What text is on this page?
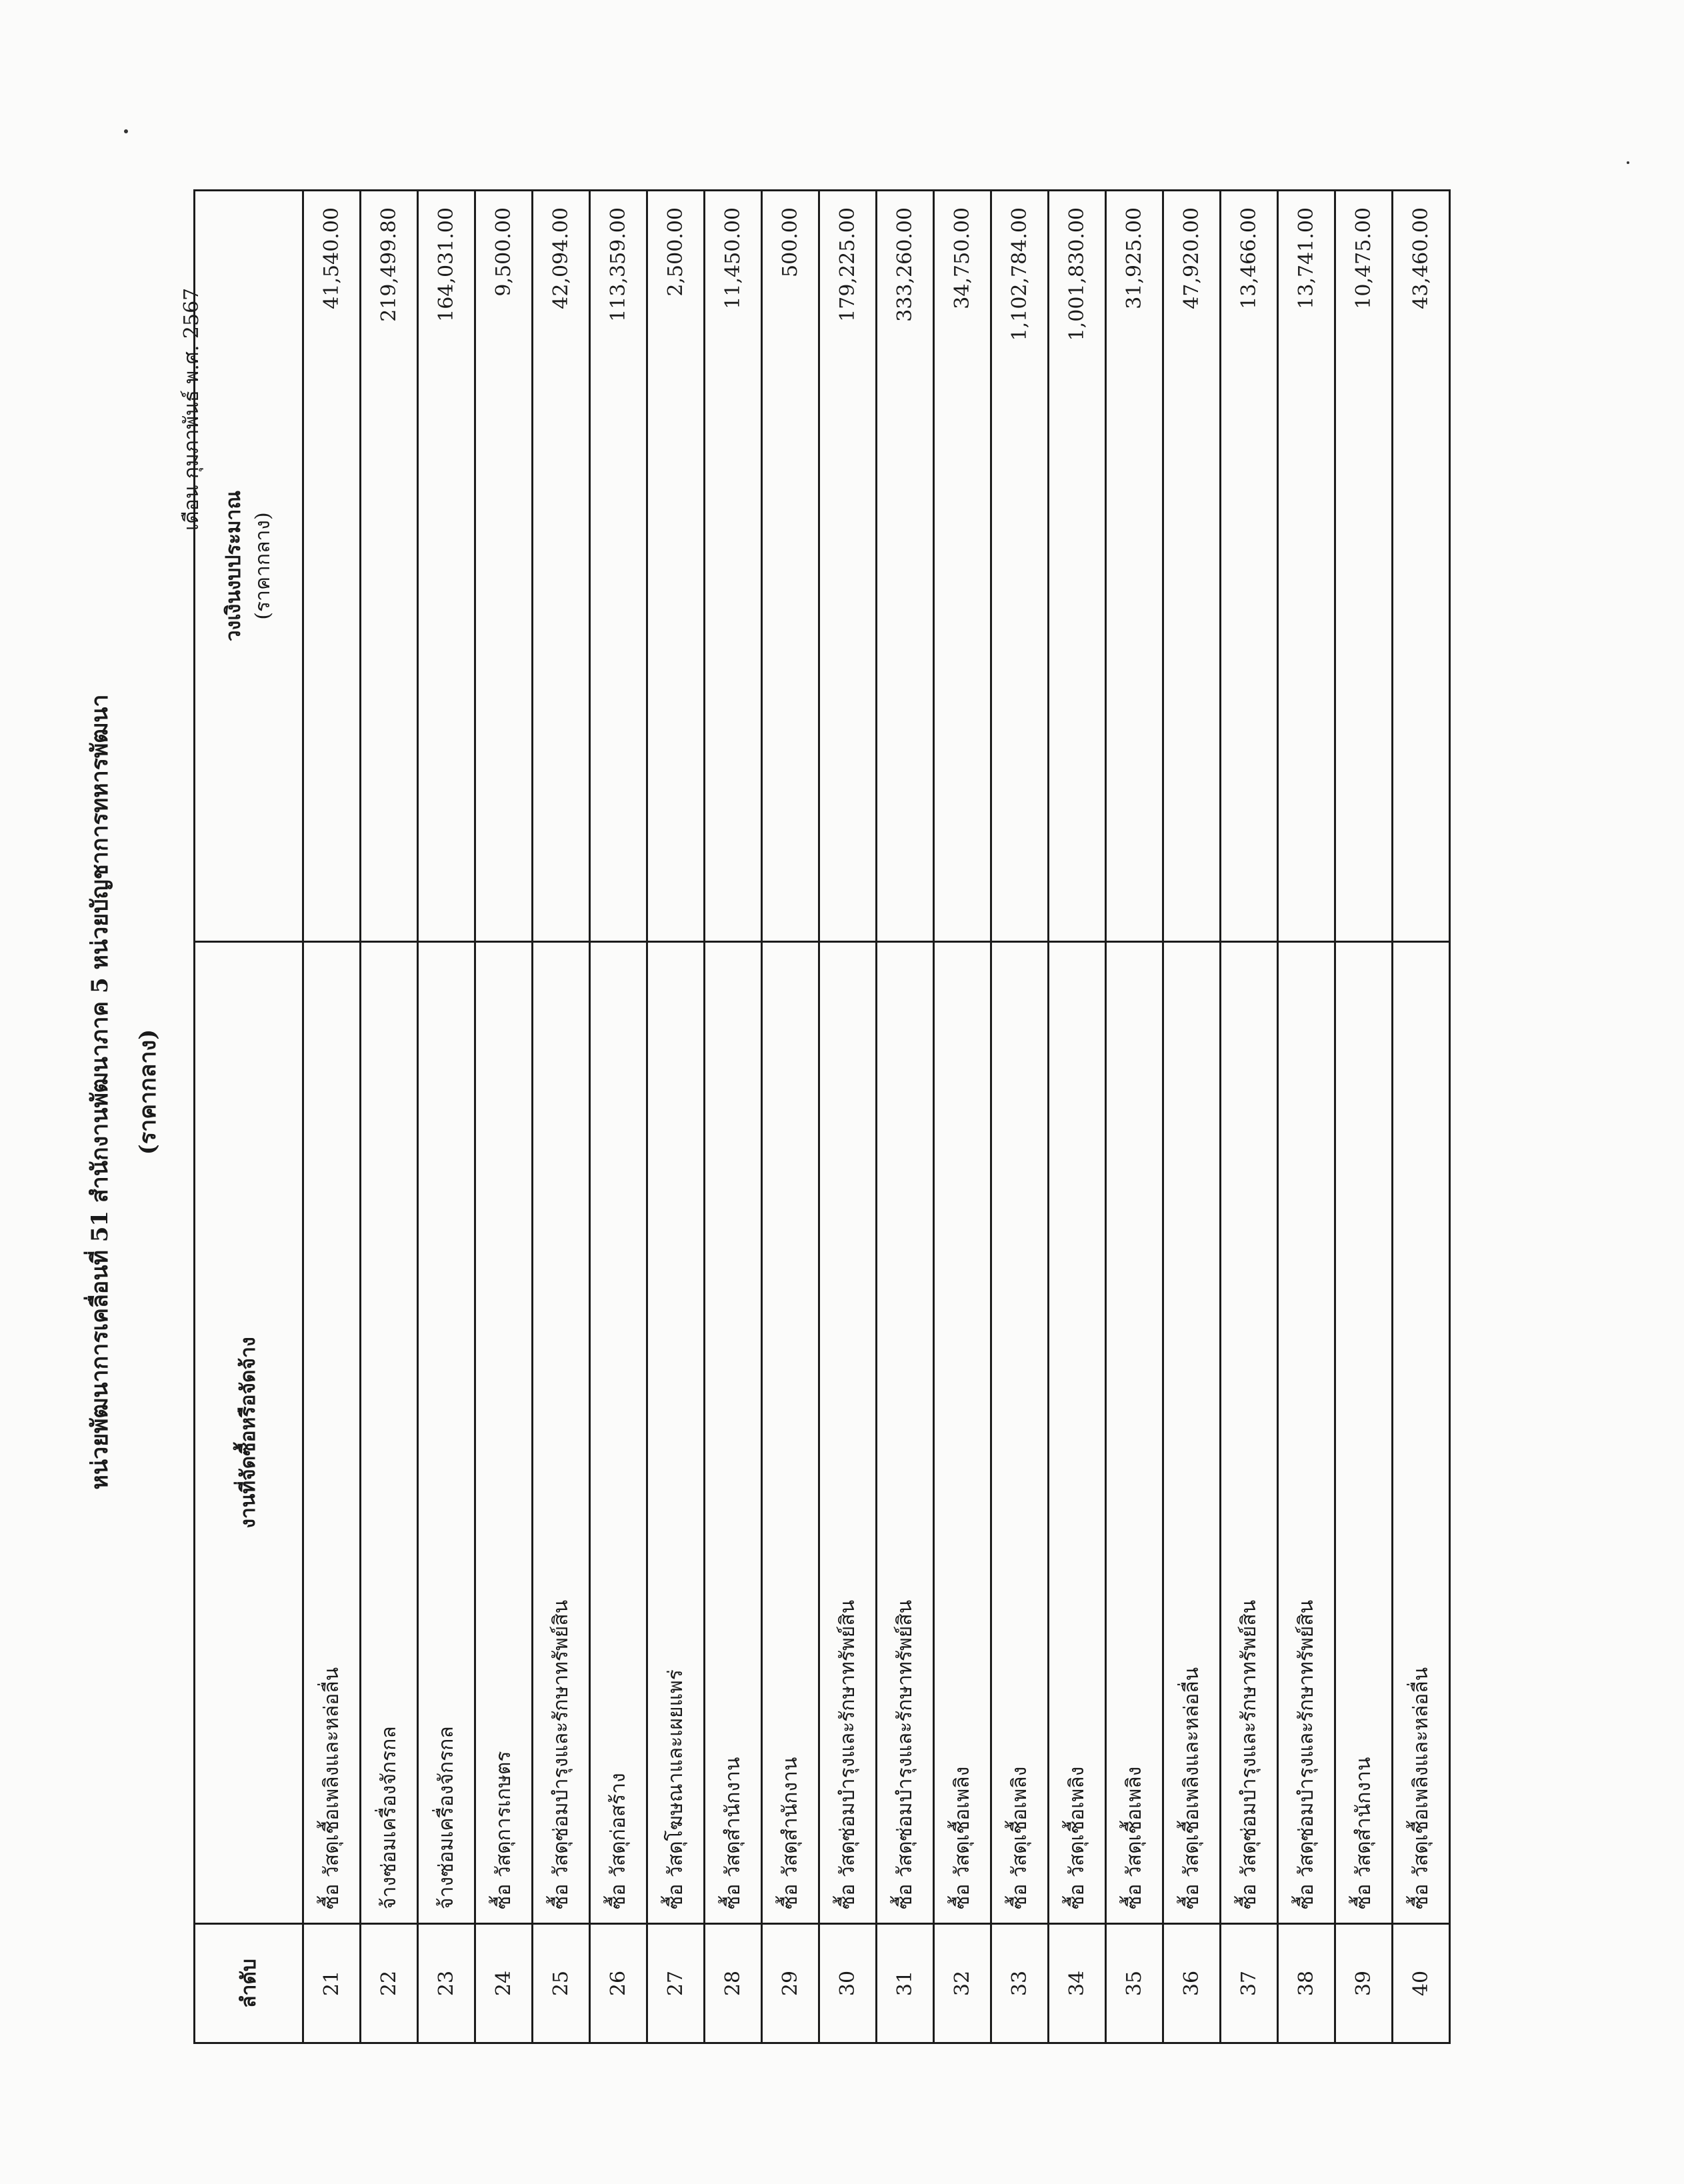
หน่วยพัฒนาการเคลื่อนที่ 51 สำนักงานพัฒนาภาค 5 หน่วยบัญชาการทหารพัฒนา (ราคากลาง)
เดือน กุมภาพันธ์ พ.ศ. 2567
ลำดับ	งานที่จัดซื้อหรือจัดจ้าง	วงเงินงบประมาณ (ราคากลาง)

21	ซื้อ วัสดุเชื้อเพลิงและหล่อลื่น	41,540.00
22	จ้างซ่อมเครื่องจักรกล	219,499.80
23	จ้างซ่อมเครื่องจักรกล	164,031.00
24	ซื้อ วัสดุการเกษตร	9,500.00
25	ซื้อ วัสดุซ่อมบำรุงและรักษาทรัพย์สิน	42,094.00
26	ซื้อ วัสดุก่อสร้าง	113,359.00
27	ซื้อ วัสดุโฆษณาและเผยแพร่	2,500.00
28	ซื้อ วัสดุสำนักงาน	11,450.00
29	ซื้อ วัสดุสำนักงาน	500.00
30	ซื้อ วัสดุซ่อมบำรุงและรักษาทรัพย์สิน	179,225.00
31	ซื้อ วัสดุซ่อมบำรุงและรักษาทรัพย์สิน	333,260.00
32	ซื้อ วัสดุเชื้อเพลิง	34,750.00
33	ซื้อ วัสดุเชื้อเพลิง	1,102,784.00
34	ซื้อ วัสดุเชื้อเพลิง	1,001,830.00
35	ซื้อ วัสดุเชื้อเพลิง	31,925.00
36	ซื้อ วัสดุเชื้อเพลิงและหล่อลื่น	47,920.00
37	ซื้อ วัสดุซ่อมบำรุงและรักษาทรัพย์สิน	13,466.00
38	ซื้อ วัสดุซ่อมบำรุงและรักษาทรัพย์สิน	13,741.00
39	ซื้อ วัสดุสำนักงาน	10,475.00
40	ซื้อ วัสดุเชื้อเพลิงและหล่อลื่น	43,460.00
